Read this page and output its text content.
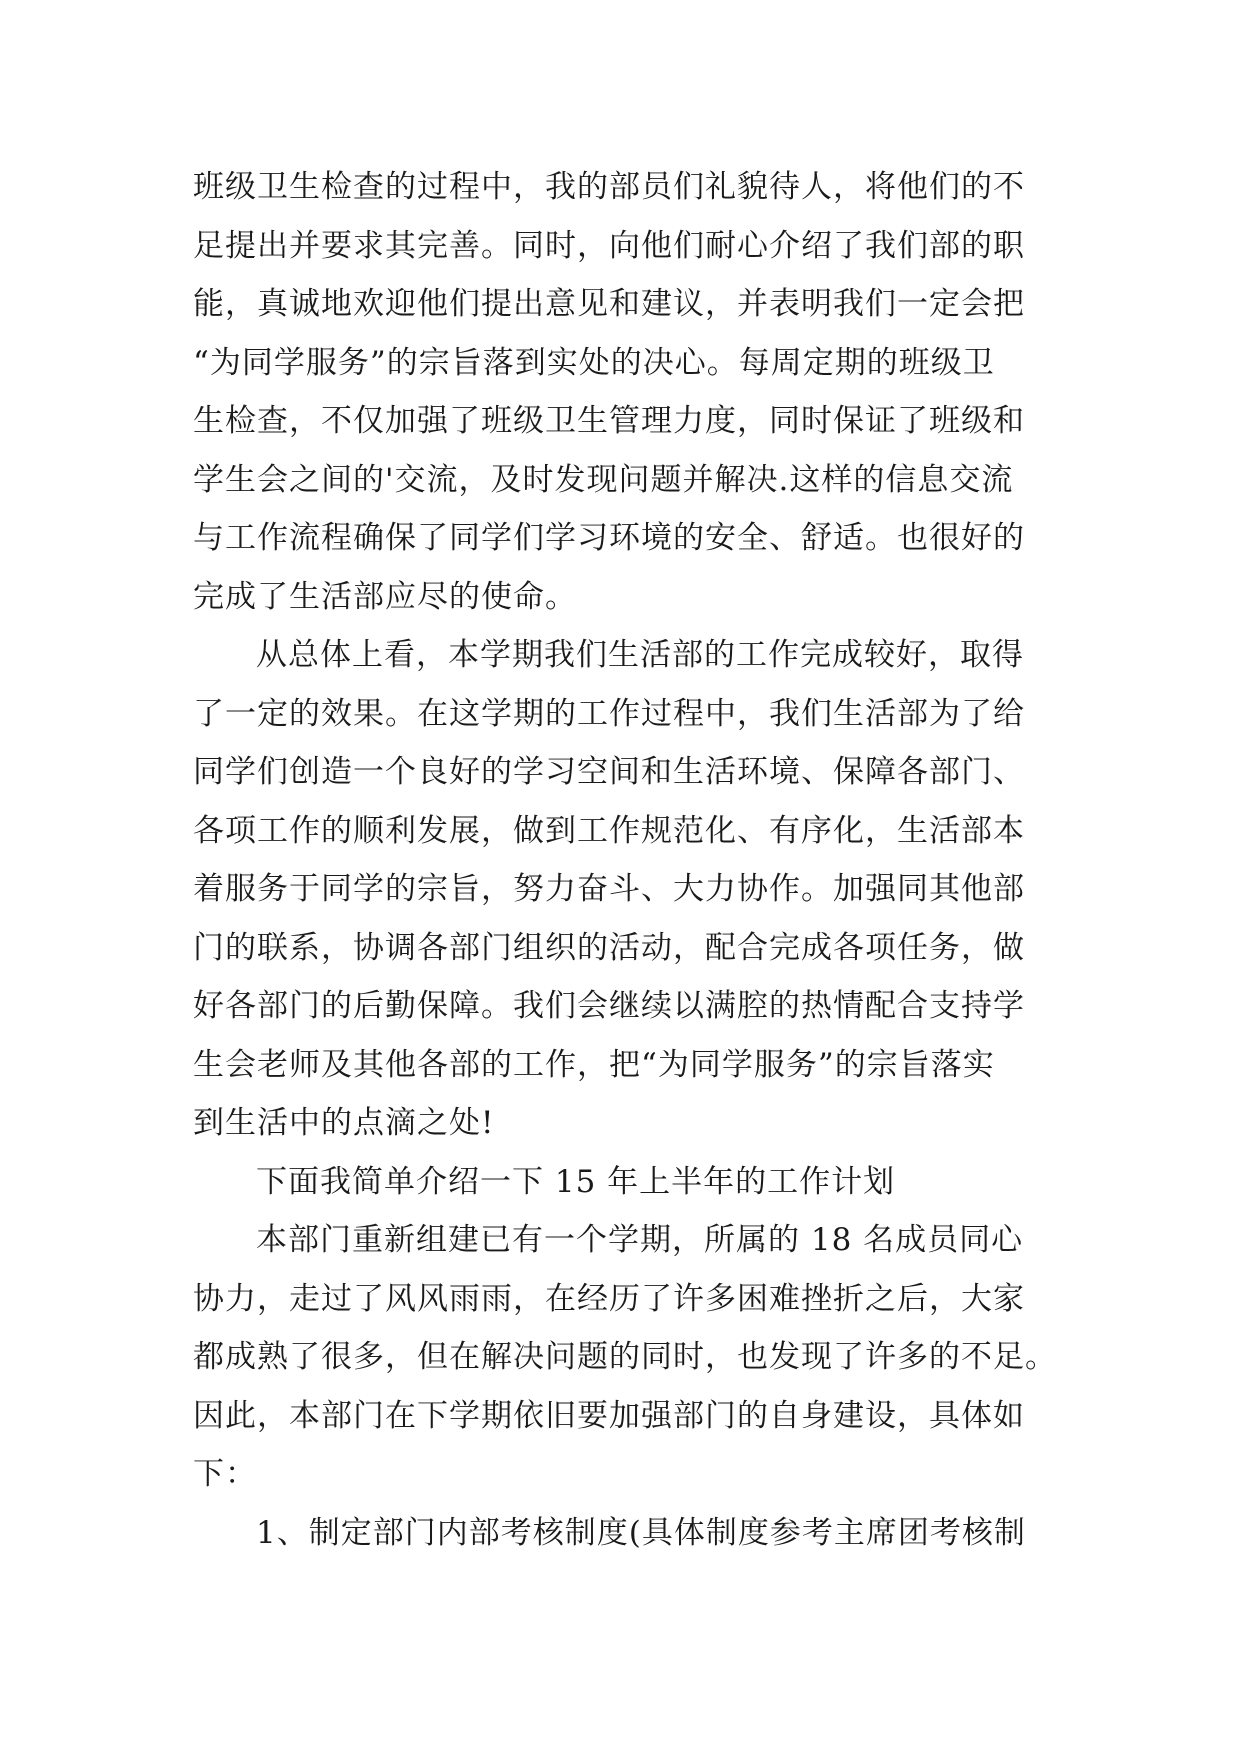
班级卫生检查的过程中，我的部员们礼貌待人，将他们的不
足提出并要求其完善。同时，向他们耐心介绍了我们部的职
能，真诚地欢迎他们提出意见和建议，并表明我们一定会把
“为同学服务”的宗旨落到实处的决心。每周定期的班级卫
生检查，不仅加强了班级卫生管理力度，同时保证了班级和
学生会之间的'交流，及时发现问题并解决.这样的信息交流
与工作流程确保了同学们学习环境的安全、舒适。也很好的
完成了生活部应尽的使命。
从总体上看，本学期我们生活部的工作完成较好，取得
了一定的效果。在这学期的工作过程中，我们生活部为了给
同学们创造一个良好的学习空间和生活环境、保障各部门、
各项工作的顺利发展，做到工作规范化、有序化，生活部本
着服务于同学的宗旨，努力奋斗、大力协作。加强同其他部
门的联系，协调各部门组织的活动，配合完成各项任务，做
好各部门的后勤保障。我们会继续以满腔的热情配合支持学
生会老师及其他各部的工作，把“为同学服务”的宗旨落实
到生活中的点滴之处!
下面我简单介绍一下 15 年上半年的工作计划
本部门重新组建已有一个学期，所属的 18 名成员同心
协力，走过了风风雨雨，在经历了许多困难挫折之后，大家
都成熟了很多，但在解决问题的同时，也发现了许多的不足。
因此，本部门在下学期依旧要加强部门的自身建设，具体如
下：
1、制定部门内部考核制度(具体制度参考主席团考核制
